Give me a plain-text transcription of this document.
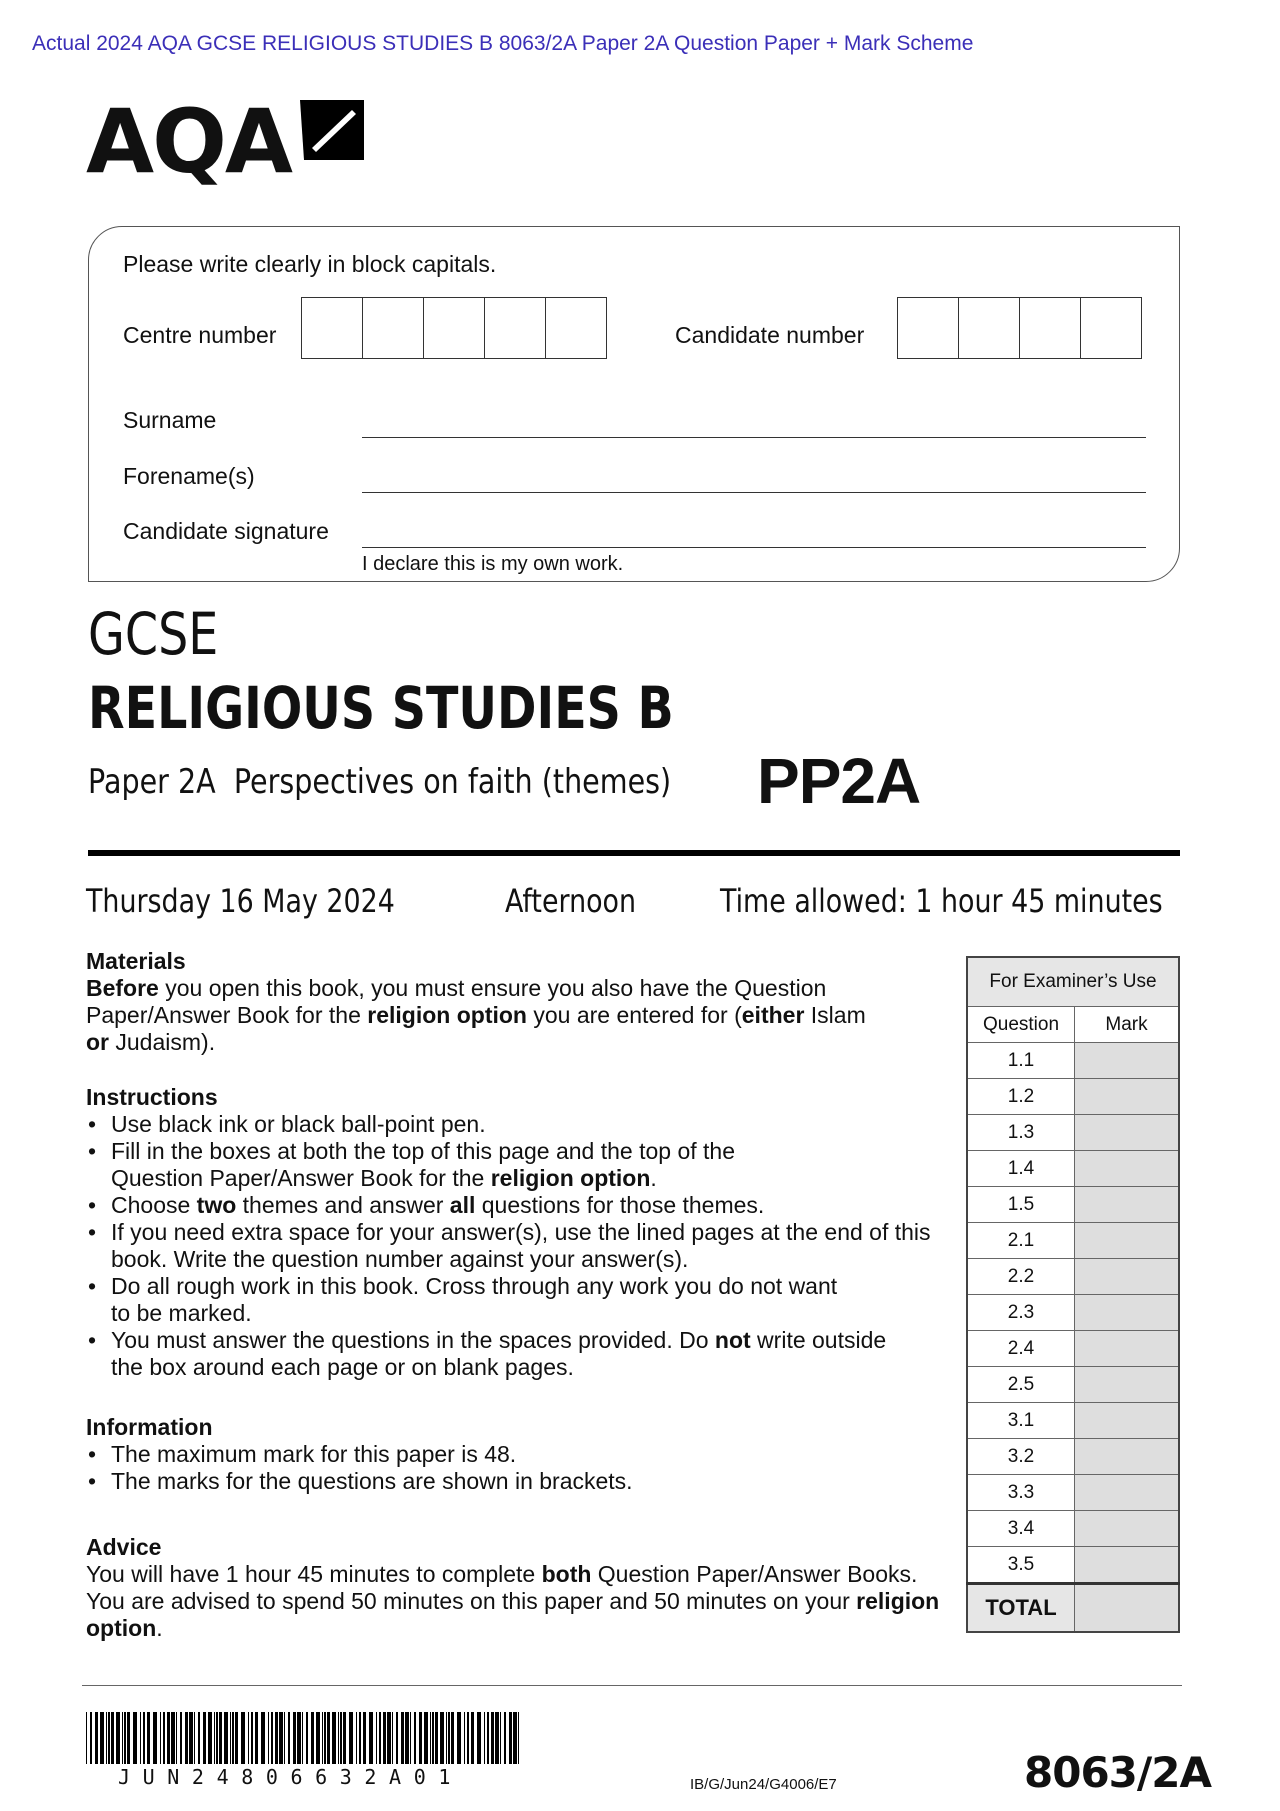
Actual 2024 AQA GCSE RELIGIOUS STUDIES B 8063/2A Paper 2A Question Paper + Mark Scheme
AQA
Please write clearly in block capitals.
Centre number	Candidate number
Surname
Forename(s)
Candidate signature
I declare this is my own work.
GCSE
RELIGIOUS STUDIES B
Paper 2A Perspectives on faith (themes) PP2A
Thursday 16 May 2024	Afternoon	Time allowed: 1 hour 45 minutes
Materials
Before you open this book, you must ensure you also have the Question Paper/Answer Book for the religion option you are entered for (either Islam or Judaism).
Instructions
• Use black ink or black ball-point pen.
• Fill in the boxes at both the top of this page and the top of the Question Paper/Answer Book for the religion option.
• Choose two themes and answer all questions for those themes.
• If you need extra space for your answer(s), use the lined pages at the end of this book. Write the question number against your answer(s).
• Do all rough work in this book. Cross through any work you do not want to be marked.
• You must answer the questions in the spaces provided. Do not write outside the box around each page or on blank pages.
Information
• The maximum mark for this paper is 48.
• The marks for the questions are shown in brackets.
Advice
You will have 1 hour 45 minutes to complete both Question Paper/Answer Books. You are advised to spend 50 minutes on this paper and 50 minutes on your religion option.
For Examiner’s Use	
Question	Mark
1.1	
1.2	
1.3	
1.4	
1.5	
2.1	
2.2	
2.3	
2.4	
2.5	
3.1	
3.2	
3.3	
3.4	
3.5	
TOTAL	
JUN24806632A01	IB/G/Jun24/G4006/E7	8063/2A
